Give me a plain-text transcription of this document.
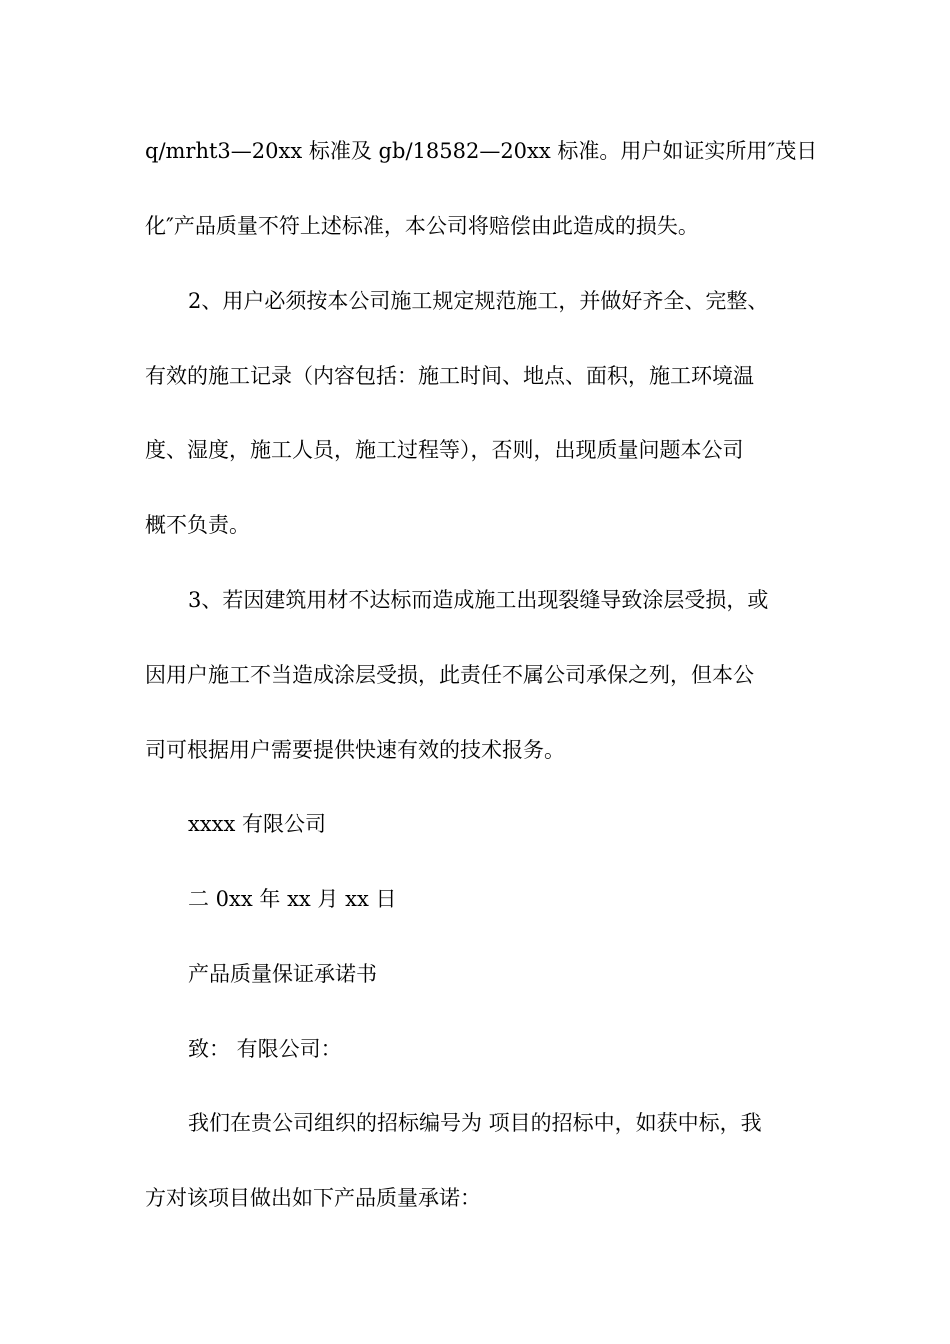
q/mrht3—20xx 标准及 gb/18582—20xx 标准。用户如证实所用″茂日
化″产品质量不符上述标准，本公司将赔偿由此造成的损失。
2、用户必须按本公司施工规定规范施工，并做好齐全、完整、
有效的施工记录（内容包括：施工时间、地点、面积，施工环境温
度、湿度，施工人员，施工过程等），否则，出现质量问题本公司
概不负责。
3、若因建筑用材不达标而造成施工出现裂缝导致涂层受损，或
因用户施工不当造成涂层受损，此责任不属公司承保之列，但本公
司可根据用户需要提供快速有效的技术报务。
xxxx 有限公司
二 0xx 年 xx 月 xx 日
产品质量保证承诺书
致： 有限公司：
我们在贵公司组织的招标编号为 项目的招标中，如获中标，我
方对该项目做出如下产品质量承诺：
